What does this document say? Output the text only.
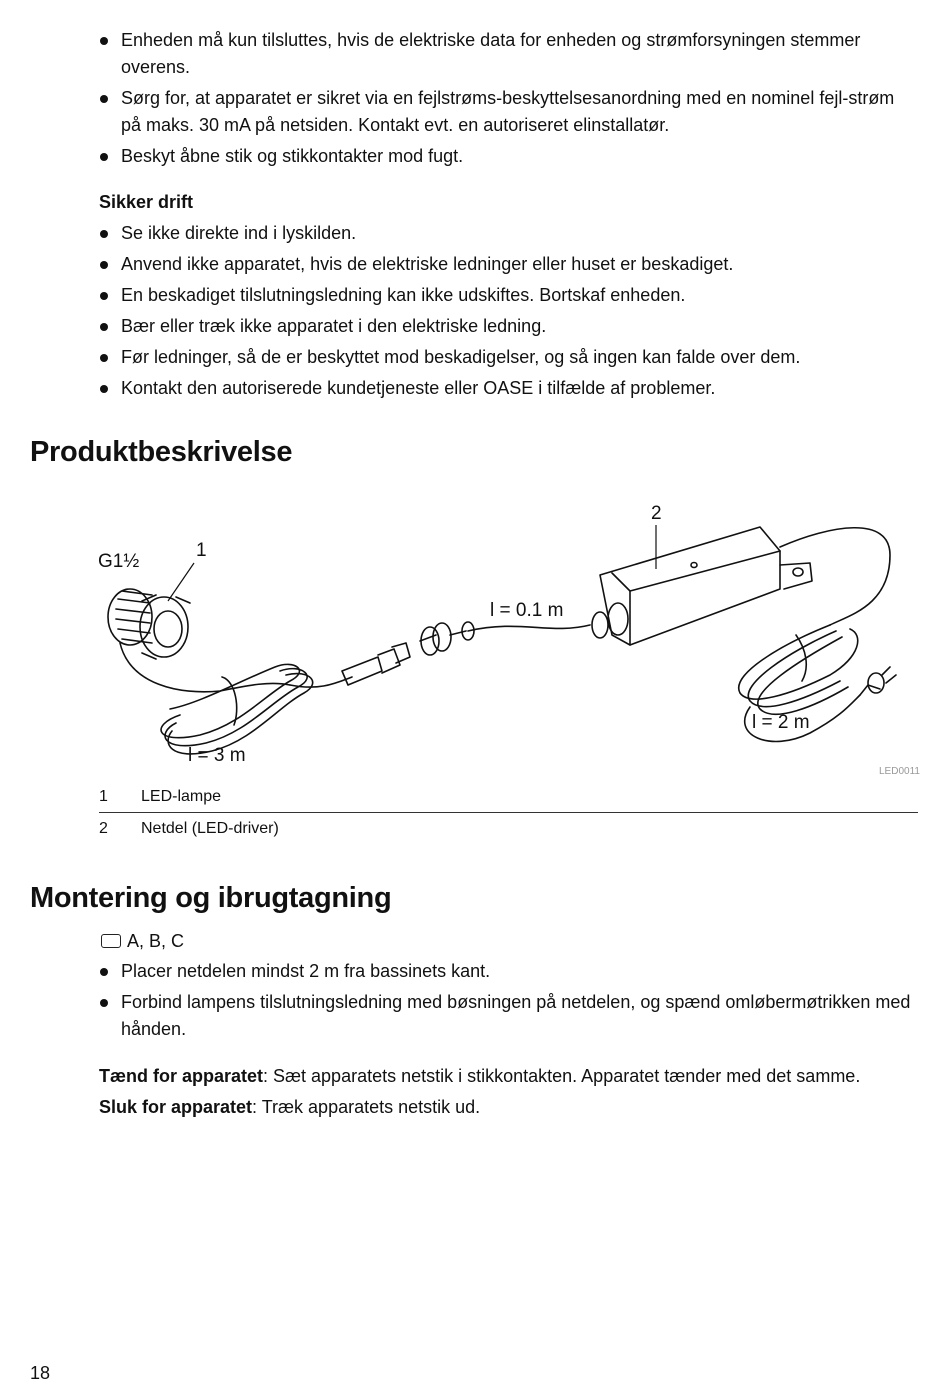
Enheden må kun tilsluttes, hvis de elektriske data for enheden og strømforsyningen stemmer overens.
Sørg for, at apparatet er sikret via en fejlstrøms-beskyttelsesanordning med en nominel fejl-strøm på maks. 30 mA på netsiden. Kontakt evt. en autoriseret elinstallatør.
Beskyt åbne stik og stikkontakter mod fugt.
Sikker drift
Se ikke direkte ind i lyskilden.
Anvend ikke apparatet, hvis de elektriske ledninger eller huset er beskadiget.
En beskadiget tilslutningsledning kan ikke udskiftes. Bortskaf enheden.
Bær eller træk ikke apparatet i den elektriske ledning.
Før ledninger, så de er beskyttet mod beskadigelser, og så ingen kan falde over dem.
Kontakt den autoriserede kundetjeneste eller OASE i tilfælde af problemer.
Produktbeskrivelse
G1½
1
2
l = 0.1 m
l = 3 m
l = 2 m
LED0011
1 LED-lampe
2 Netdel (LED-driver)
Montering og ibrugtagning
A, B, C
Placer netdelen mindst 2 m fra bassinets kant.
Forbind lampens tilslutningsledning med bøsningen på netdelen, og spænd omløbermøtrikken med hånden.
Tænd for apparatet: Sæt apparatets netstik i stikkontakten. Apparatet tænder med det samme.
Sluk for apparatet: Træk apparatets netstik ud.
18
